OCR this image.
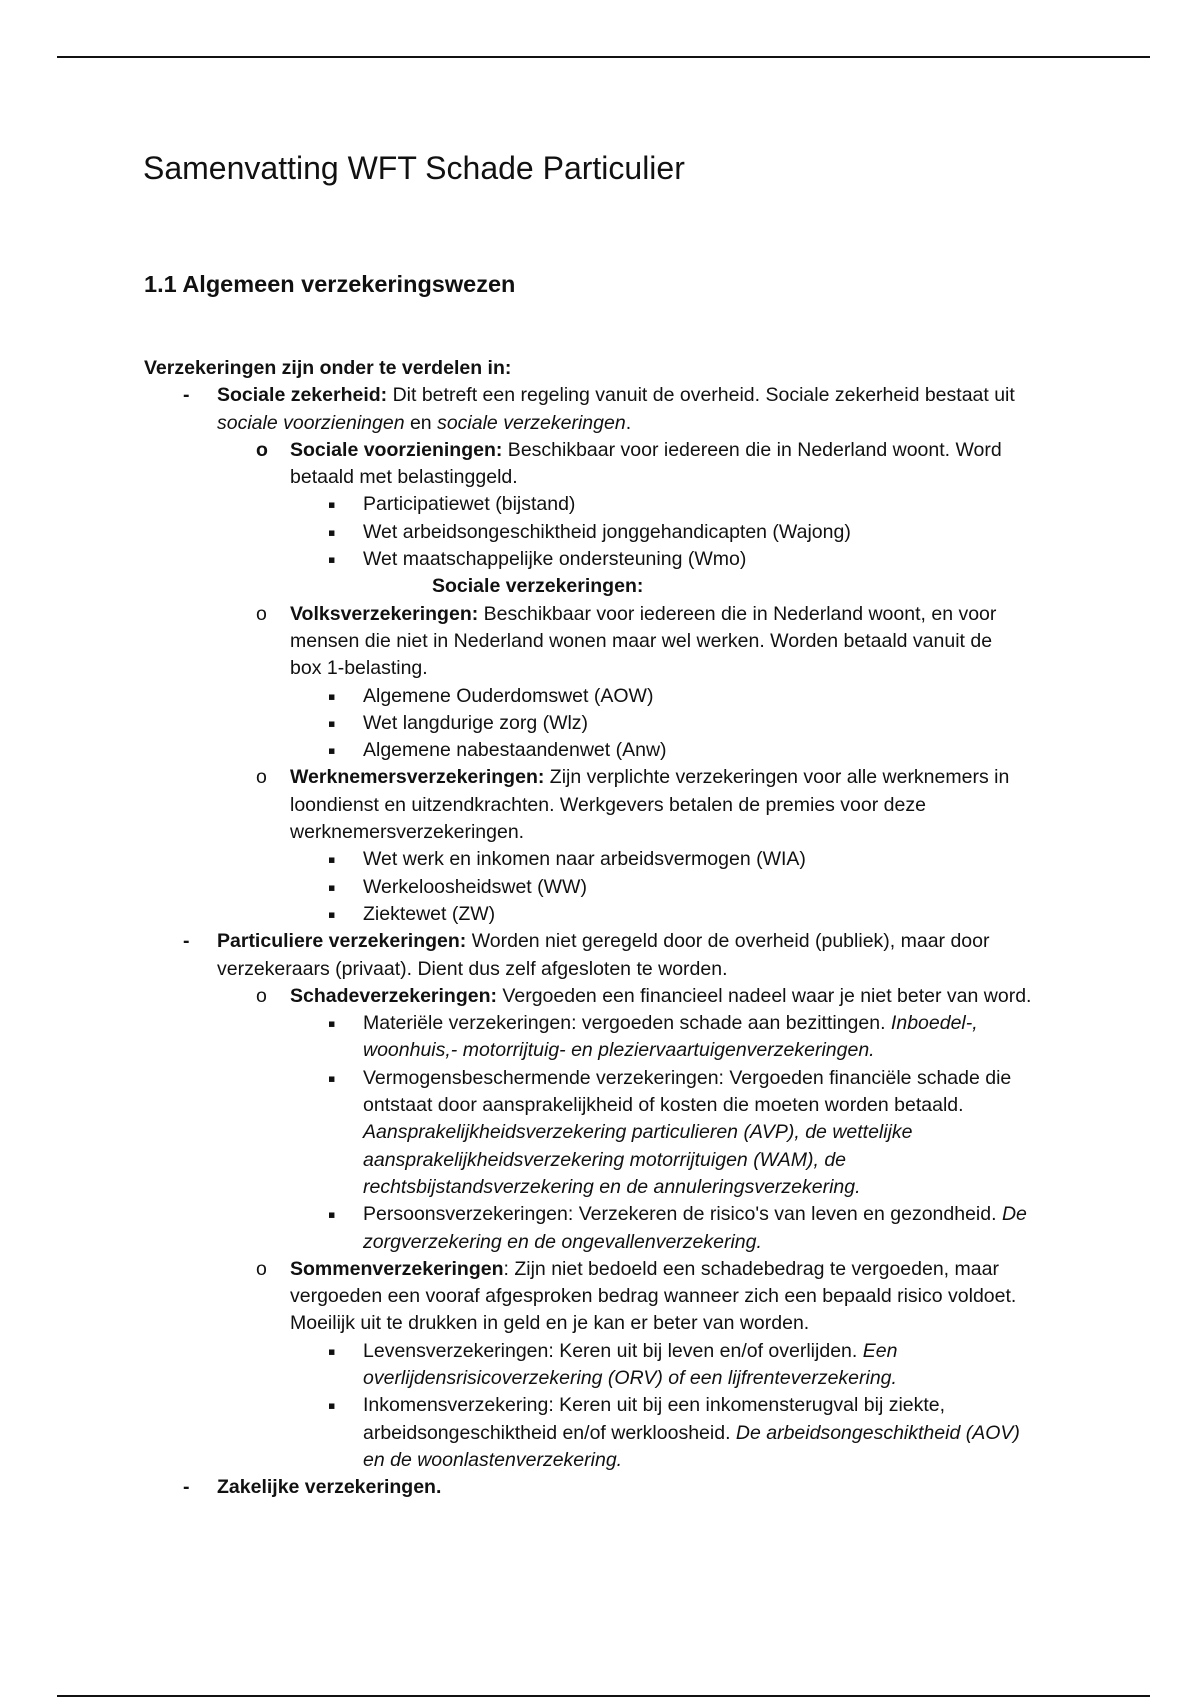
Samenvatting WFT Schade Particulier
1.1 Algemeen verzekeringswezen
Verzekeringen zijn onder te verdelen in:
- Sociale zekerheid: Dit betreft een regeling vanuit de overheid. Sociale zekerheid bestaat uit
sociale voorzieningen en sociale verzekeringen.
o Sociale voorzieningen: Beschikbaar voor iedereen die in Nederland woont. Word
betaald met belastinggeld.
▪ Participatiewet (bijstand)
▪ Wet arbeidsongeschiktheid jonggehandicapten (Wajong)
▪ Wet maatschappelijke ondersteuning (Wmo)
Sociale verzekeringen:
o Volksverzekeringen: Beschikbaar voor iedereen die in Nederland woont, en voor
mensen die niet in Nederland wonen maar wel werken. Worden betaald vanuit de
box 1-belasting.
▪ Algemene Ouderdomswet (AOW)
▪ Wet langdurige zorg (Wlz)
▪ Algemene nabestaandenwet (Anw)
o Werknemersverzekeringen: Zijn verplichte verzekeringen voor alle werknemers in
loondienst en uitzendkrachten. Werkgevers betalen de premies voor deze
werknemersverzekeringen.
▪ Wet werk en inkomen naar arbeidsvermogen (WIA)
▪ Werkeloosheidswet (WW)
▪ Ziektewet (ZW)
- Particuliere verzekeringen: Worden niet geregeld door de overheid (publiek), maar door
verzekeraars (privaat). Dient dus zelf afgesloten te worden.
o Schadeverzekeringen: Vergoeden een financieel nadeel waar je niet beter van word.
▪ Materiële verzekeringen: vergoeden schade aan bezittingen. Inboedel-,
woonhuis,- motorrijtuig- en pleziervaartuigenverzekeringen.
▪ Vermogensbeschermende verzekeringen: Vergoeden financiële schade die
ontstaat door aansprakelijkheid of kosten die moeten worden betaald.
Aansprakelijkheidsverzekering particulieren (AVP), de wettelijke
aansprakelijkheidsverzekering motorrijtuigen (WAM), de
rechtsbijstandsverzekering en de annuleringsverzekering.
▪ Persoonsverzekeringen: Verzekeren de risico's van leven en gezondheid. De
zorgverzekering en de ongevallenverzekering.
o Sommenverzekeringen: Zijn niet bedoeld een schadebedrag te vergoeden, maar
vergoeden een vooraf afgesproken bedrag wanneer zich een bepaald risico voldoet.
Moeilijk uit te drukken in geld en je kan er beter van worden.
▪ Levensverzekeringen: Keren uit bij leven en/of overlijden. Een
overlijdensrisicoverzekering (ORV) of een lijfrenteverzekering.
▪ Inkomensverzekering: Keren uit bij een inkomensterugval bij ziekte,
arbeidsongeschiktheid en/of werkloosheid. De arbeidsongeschiktheid (AOV)
en de woonlastenverzekering.
- Zakelijke verzekeringen.
